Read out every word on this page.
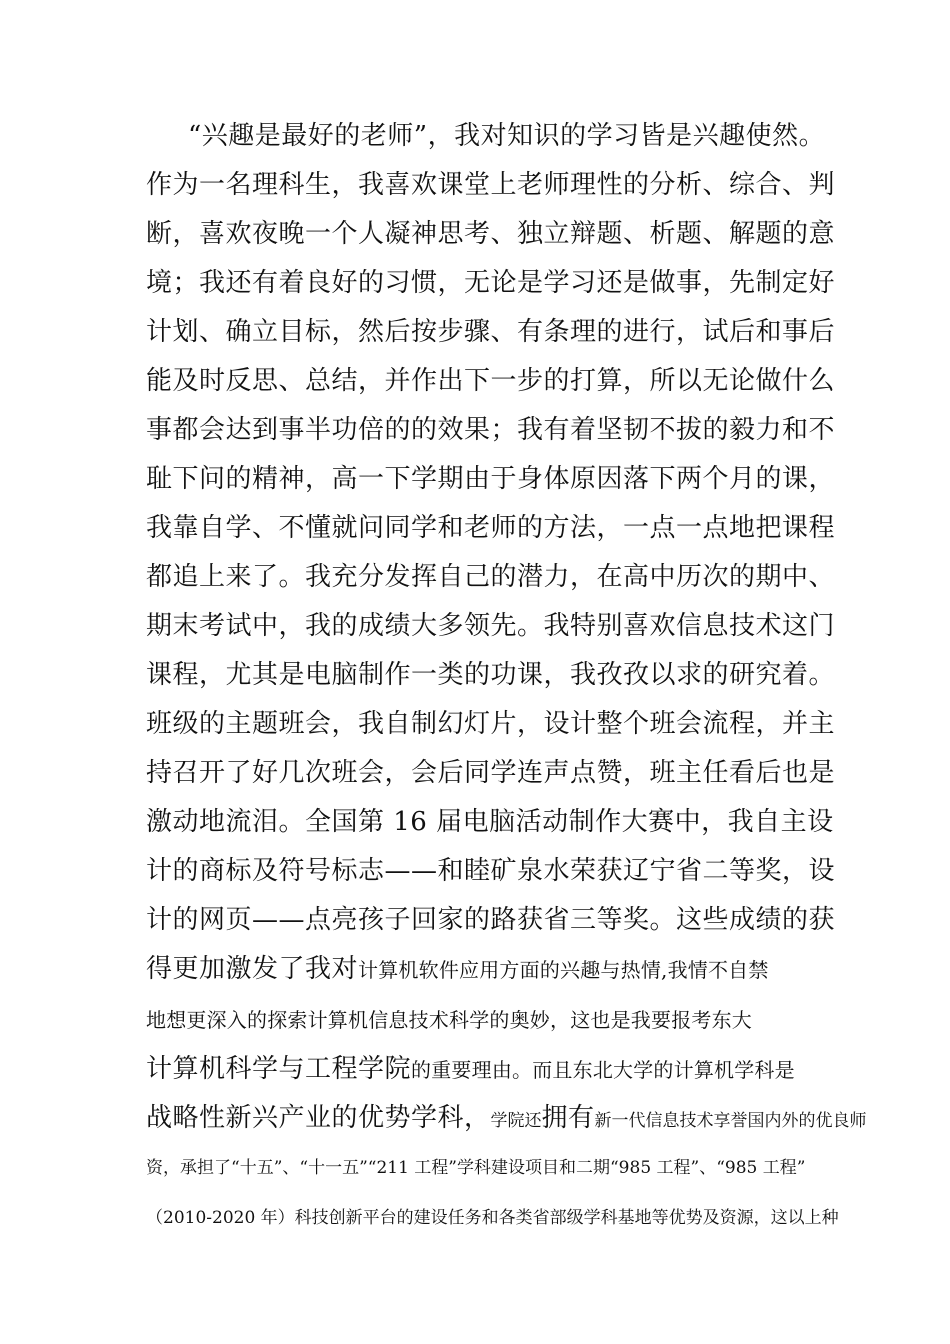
“兴趣是最好的老师”，我对知识的学习皆是兴趣使然。
作为一名理科生，我喜欢课堂上老师理性的分析、综合、判
断，喜欢夜晚一个人凝神思考、独立辩题、析题、解题的意
境；我还有着良好的习惯，无论是学习还是做事，先制定好
计划、确立目标，然后按步骤、有条理的进行，试后和事后
能及时反思、总结，并作出下一步的打算，所以无论做什么
事都会达到事半功倍的的效果；我有着坚韧不拔的毅力和不
耻下问的精神，高一下学期由于身体原因落下两个月的课，
我靠自学、不懂就问同学和老师的方法，一点一点地把课程
都追上来了。我充分发挥自己的潜力，在高中历次的期中、
期末考试中，我的成绩大多领先。我特别喜欢信息技术这门
课程，尤其是电脑制作一类的功课，我孜孜以求的研究着。
班级的主题班会，我自制幻灯片，设计整个班会流程，并主
持召开了好几次班会，会后同学连声点赞，班主任看后也是
激动地流泪。全国第 16 届电脑活动制作大赛中，我自主设
计的商标及符号标志——和睦矿泉水荣获辽宁省二等奖，设
计的网页——点亮孩子回家的路获省三等奖。这些成绩的获
得更加激发了我对计算机软件应用方面的兴趣与热情,我情不自禁
地想更深入的探索计算机信息技术科学的奥妙，这也是我要报考东大
计算机科学与工程学院的重要理由。而且东北大学的计算机学科是
战略性新兴产业的优势学科，学院还拥有新一代信息技术享誉国内外的优良师
资，承担了“十五”、“十一五”“211 工程”学科建设项目和二期“985 工程”、“985 工程”
（2010-2020 年）科技创新平台的建设任务和各类省部级学科基地等优势及资源，这以上种
